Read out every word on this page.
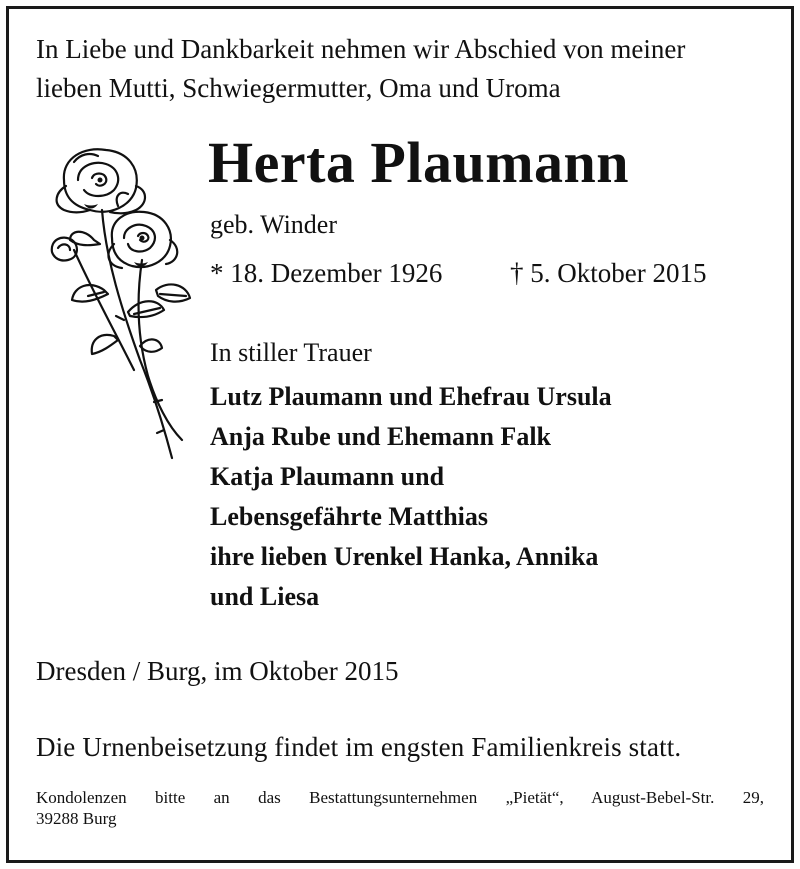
In Liebe und Dankbarkeit nehmen wir Abschied von meiner
lieben Mutti, Schwiegermutter, Oma und Uroma
Herta Plaumann
geb. Winder
* 18. Dezember 1926	† 5. Oktober 2015
In stiller Trauer
Lutz Plaumann und Ehefrau Ursula
Anja Rube und Ehemann Falk
Katja Plaumann und
Lebensgefährte Matthias
ihre lieben Urenkel Hanka, Annika
und Liesa
Dresden / Burg, im Oktober 2015
Die Urnenbeisetzung findet im engsten Familienkreis statt.
Kondolenzen bitte an das Bestattungsunternehmen „Pietät“, August-Bebel-Str. 29,
39288 Burg
